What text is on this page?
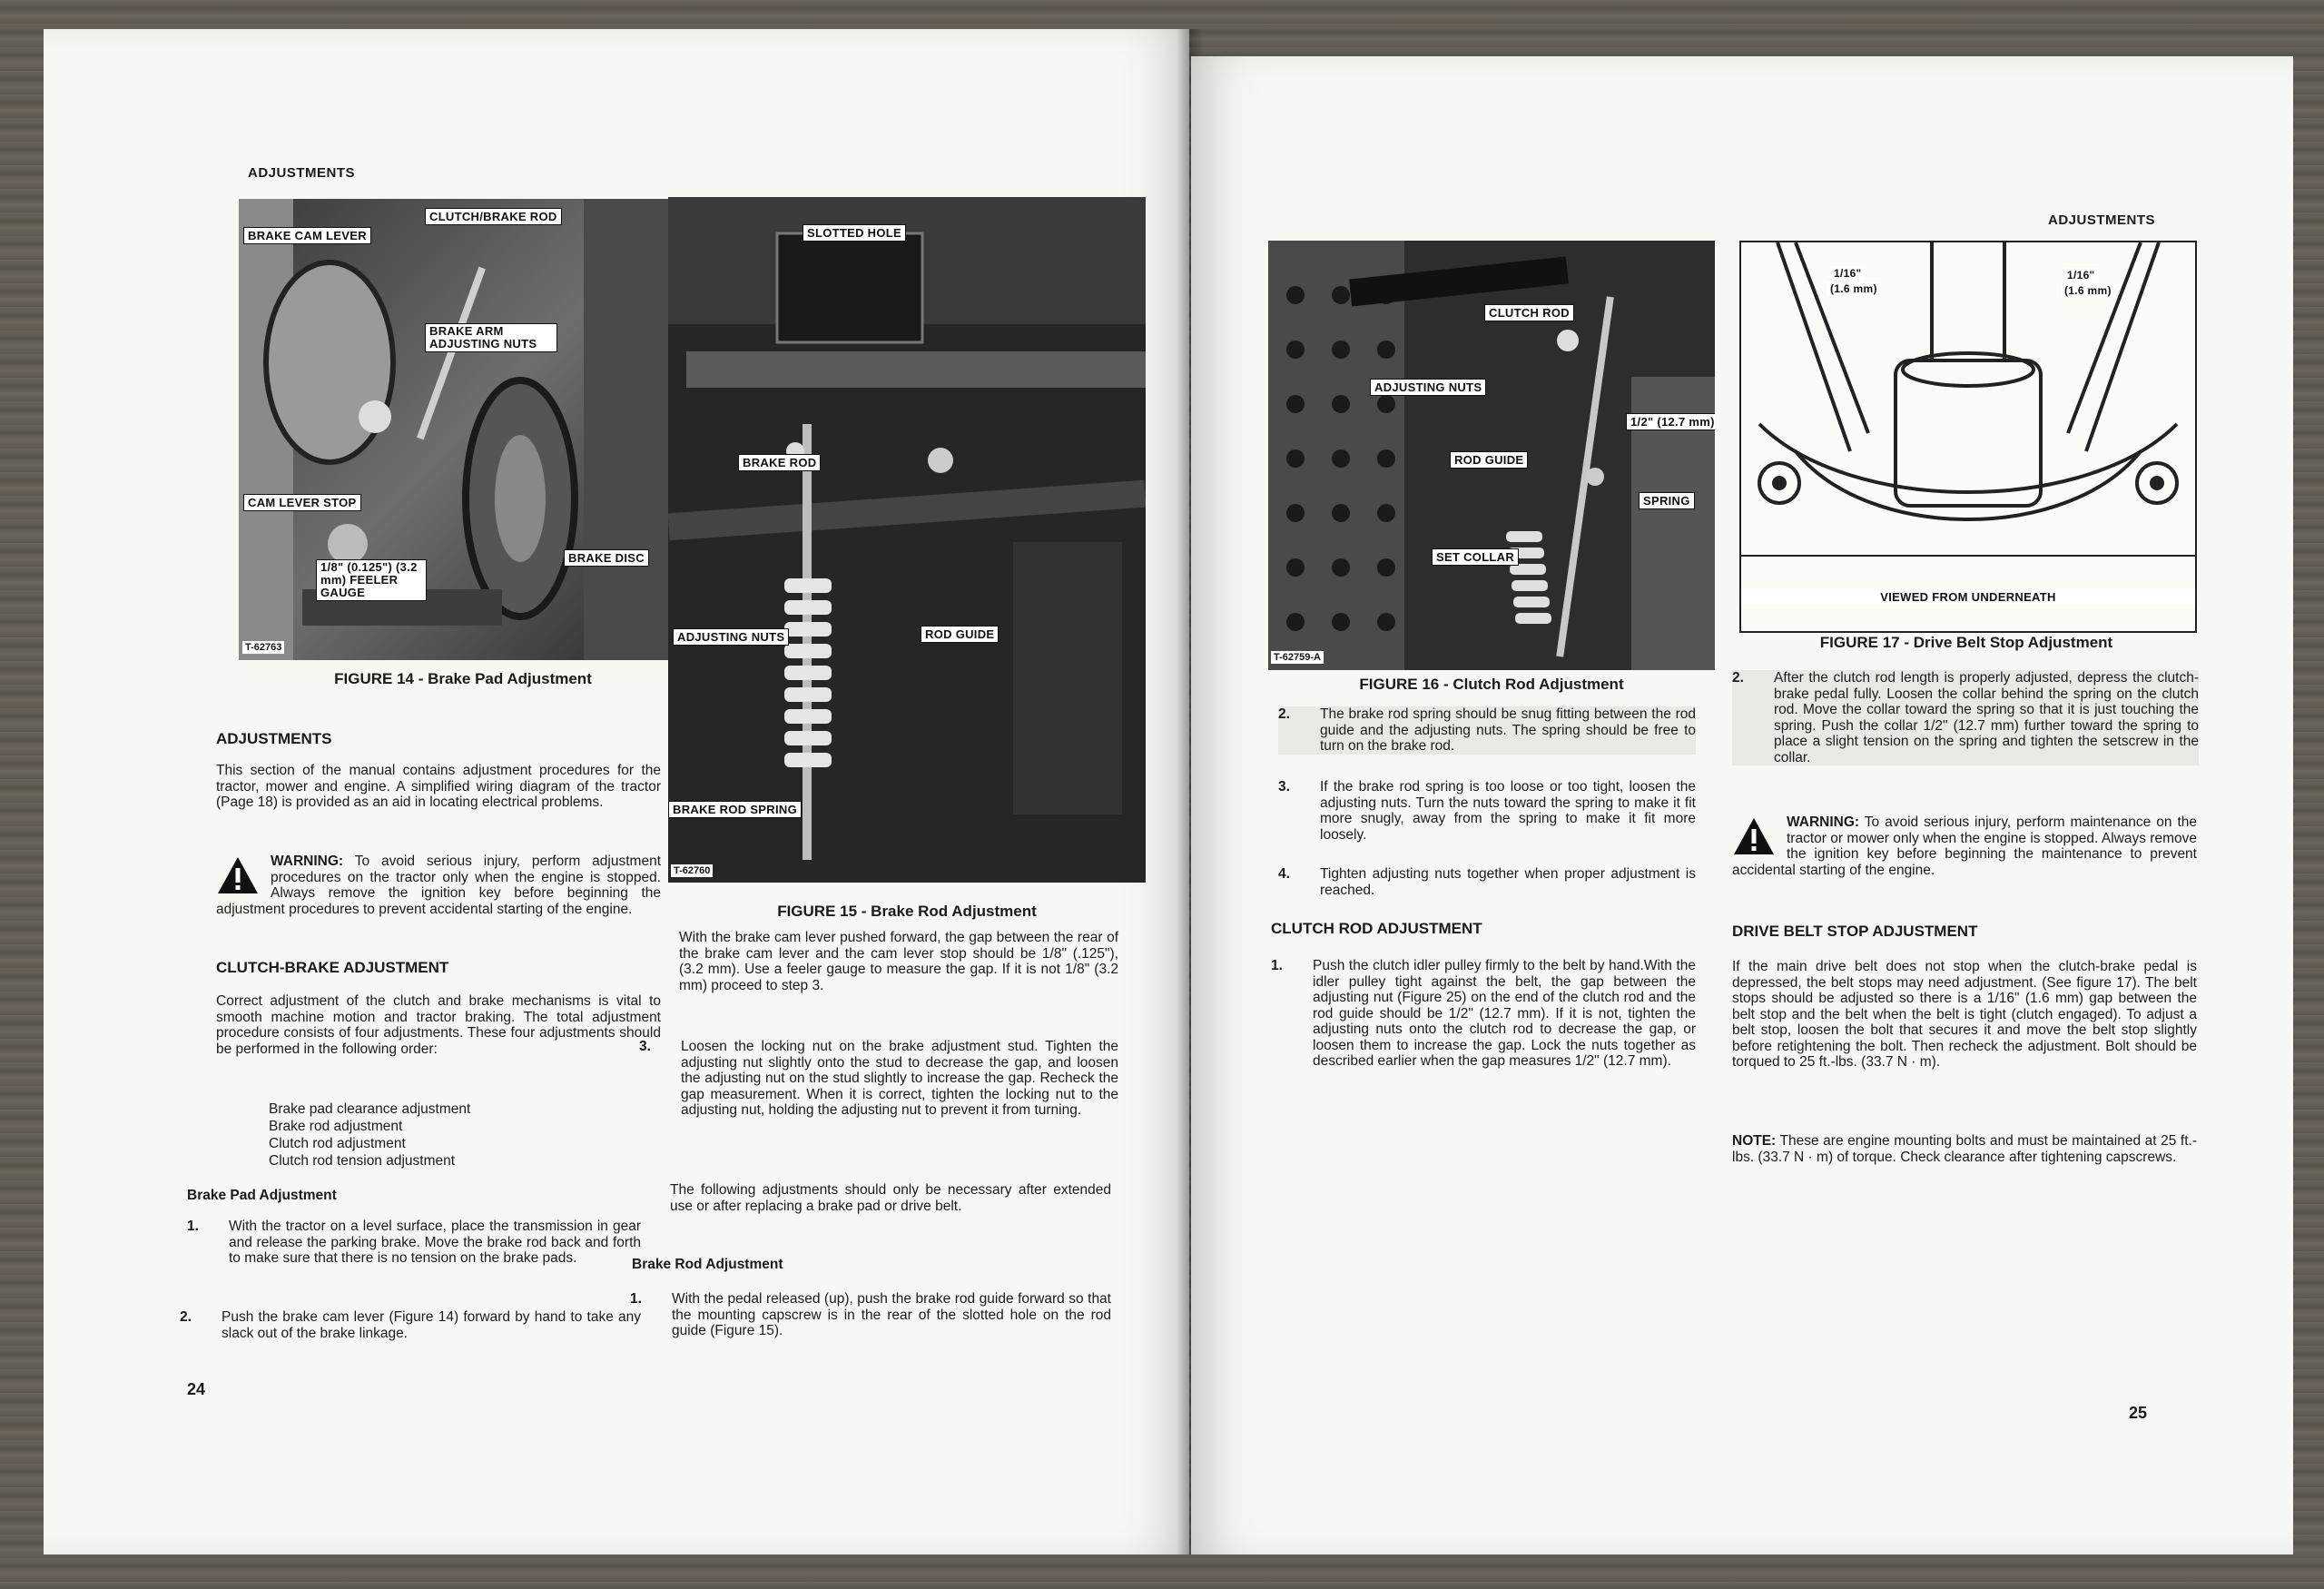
ADJUSTMENTS
CLUTCH/BRAKE ROD
BRAKE CAM LEVER
BRAKE ARM ADJUSTING NUTS
CAM LEVER STOP
BRAKE DISC
1/8" (0.125") (3.2 mm) FEELER GAUGE
T-62763
FIGURE 14 - Brake Pad Adjustment
SLOTTED HOLE
BRAKE ROD
ADJUSTING NUTS	ROD GUIDE
BRAKE ROD SPRING
T-62760
FIGURE 15 - Brake Rod Adjustment
ADJUSTMENTS
This section of the manual contains adjustment procedures for the tractor, mower and engine. A simplified wiring diagram of the tractor (Page 18) is provided as an aid in locating electrical problems.
WARNING: To avoid serious injury, perform adjustment procedures on the tractor only when the engine is stopped. Always remove the ignition key before beginning the adjustment procedures to prevent accidental starting of the engine.
CLUTCH-BRAKE ADJUSTMENT
Correct adjustment of the clutch and brake mechanisms is vital to smooth machine motion and tractor braking. The total adjustment procedure consists of four adjustments. These four adjustments should be performed in the following order:
Brake pad clearance adjustment
Brake rod adjustment
Clutch rod adjustment
Clutch rod tension adjustment
Brake Pad Adjustment
1.	With the tractor on a level surface, place the transmission in gear and release the parking brake. Move the brake rod back and forth to make sure that there is no tension on the brake pads.
2.	Push the brake cam lever (Figure 14) forward by hand to take any slack out of the brake linkage.
24
With the brake cam lever pushed forward, the gap between the rear of the brake cam lever and the cam lever stop should be 1/8" (.125"), (3.2 mm). Use a feeler gauge to measure the gap. If it is not 1/8" (3.2 mm) proceed to step 3.
3.	Loosen the locking nut on the brake adjustment stud. Tighten the adjusting nut slightly onto the stud to decrease the gap, and loosen the adjusting nut on the stud slightly to increase the gap. Recheck the gap measurement. When it is correct, tighten the locking nut to the adjusting nut, holding the adjusting nut to prevent it from turning.
The following adjustments should only be necessary after extended use or after replacing a brake pad or drive belt.
Brake Rod Adjustment
1.	With the pedal released (up), push the brake rod guide forward so that the mounting capscrew is in the rear of the slotted hole on the rod guide (Figure 15).
ADJUSTMENTS
CLUTCH ROD
ADJUSTING NUTS
1/2" (12.7 mm)
ROD GUIDE
SPRING
SET COLLAR
T-62759-A
FIGURE 16 - Clutch Rod Adjustment
1/16"
(1.6 mm)
1/16"
(1.6 mm)
VIEWED FROM UNDERNEATH
FIGURE 17 - Drive Belt Stop Adjustment
2.	The brake rod spring should be snug fitting between the rod guide and the adjusting nuts. The spring should be free to turn on the brake rod.
3.	If the brake rod spring is too loose or too tight, loosen the adjusting nuts. Turn the nuts toward the spring to make it fit more snugly, away from the spring to make it fit more loosely.
4.	Tighten adjusting nuts together when proper adjustment is reached.
CLUTCH ROD ADJUSTMENT
1.	Push the clutch idler pulley firmly to the belt by hand.With the idler pulley tight against the belt, the gap between the adjusting nut (Figure 25) on the end of the clutch rod and the rod guide should be 1/2" (12.7 mm). If it is not, tighten the adjusting nuts onto the clutch rod to decrease the gap, or loosen them to increase the gap. Lock the nuts together as described earlier when the gap measures 1/2" (12.7 mm).
2.	After the clutch rod length is properly adjusted, depress the clutch-brake pedal fully. Loosen the collar behind the spring on the clutch rod. Move the collar toward the spring so that it is just touching the spring. Push the collar 1/2" (12.7 mm) further toward the spring to place a slight tension on the spring and tighten the setscrew in the collar.
WARNING: To avoid serious injury, perform maintenance on the tractor or mower only when the engine is stopped. Always remove the ignition key before beginning the maintenance to prevent accidental starting of the engine.
DRIVE BELT STOP ADJUSTMENT
If the main drive belt does not stop when the clutch-brake pedal is depressed, the belt stops may need adjustment. (See figure 17). The belt stops should be adjusted so there is a 1/16" (1.6 mm) gap between the belt stop and the belt when the belt is tight (clutch engaged). To adjust a belt stop, loosen the bolt that secures it and move the belt stop slightly before retightening the bolt. Then recheck the adjustment. Bolt should be torqued to 25 ft.-lbs. (33.7 N · m).
NOTE: These are engine mounting bolts and must be maintained at 25 ft.-lbs. (33.7 N · m) of torque. Check clearance after tightening capscrews.
25
